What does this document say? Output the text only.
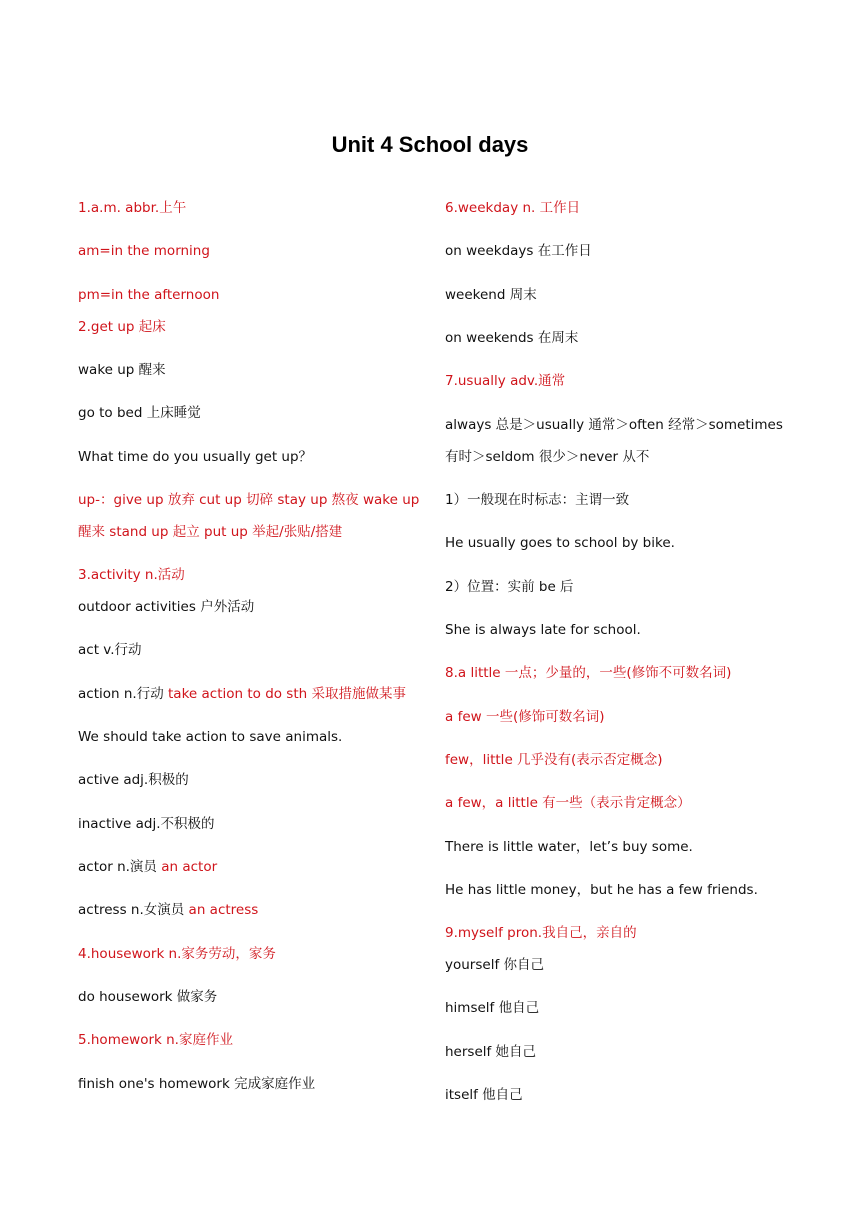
Unit 4 School days
1.a.m. abbr.上午
am=in the morning
pm=in the afternoon
2.get up 起床
wake up 醒来
go to bed 上床睡觉
What time do you usually get up？
up-：give up 放弃 cut up 切碎 stay up 熬夜 wake up
醒来 stand up 起立 put up 举起/张贴/搭建
3.activity n.活动
outdoor activities 户外活动
act v.行动
action n.行动 take action to do sth 采取措施做某事
We should take action to save animals.
active adj.积极的
inactive adj.不积极的
actor n.演员 an actor
actress n.女演员 an actress
4.housework n.家务劳动，家务
do housework 做家务
5.homework n.家庭作业
finish one's homework 完成家庭作业
6.weekday n. 工作日
on weekdays 在工作日
weekend 周末
on weekends 在周末
7.usually adv.通常
always 总是＞usually 通常＞often 经常＞sometimes
有时＞seldom 很少＞never 从不
1）一般现在时标志：主谓一致
He usually goes to school by bike.
2）位置：实前 be 后
She is always late for school.
8.a little 一点；少量的，一些(修饰不可数名词)
a few 一些(修饰可数名词)
few，little 几乎没有(表示否定概念)
a few，a little 有一些（表示肯定概念）
There is little water，let’s buy some.
He has little money，but he has a few friends.
9.myself pron.我自己，亲自的
yourself 你自己
himself 他自己
herself 她自己
itself 他自己
